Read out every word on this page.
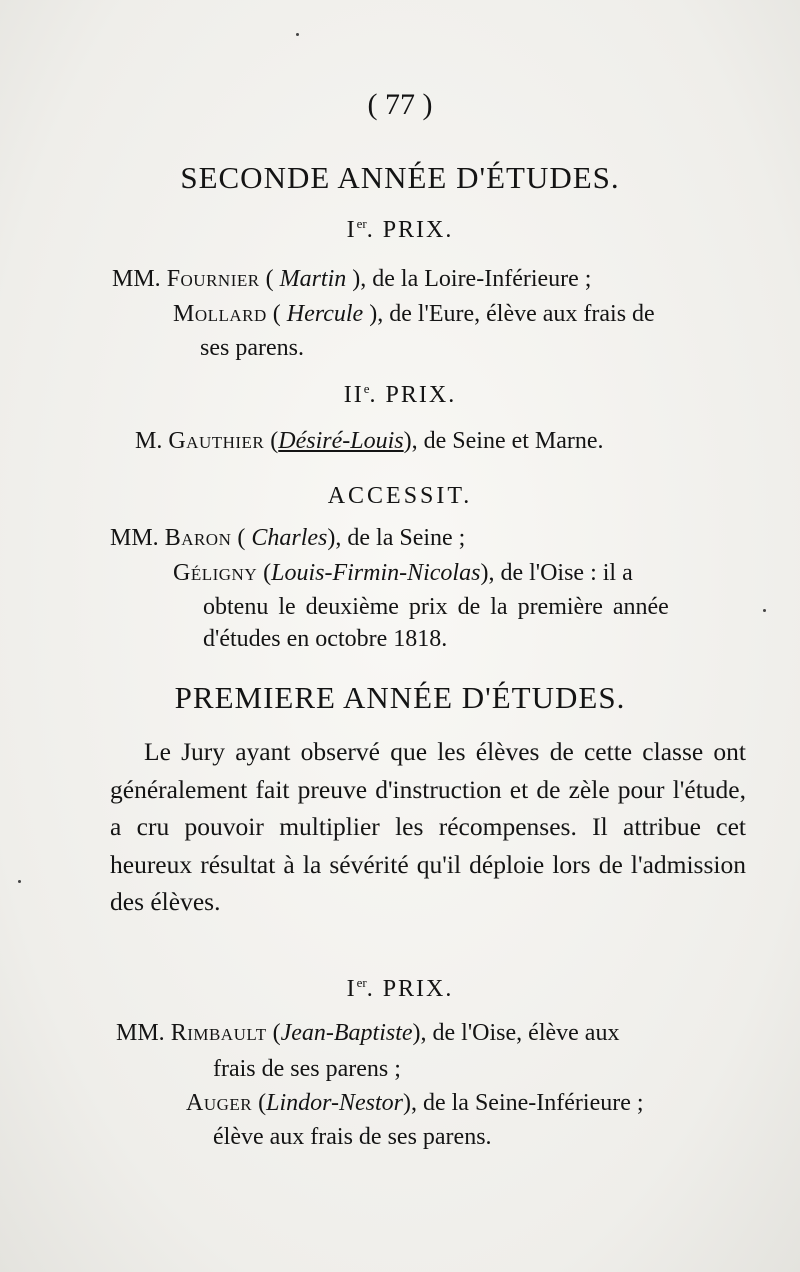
( 77 )
SECONDE ANNÉE D'ÉTUDES.
Ier. PRIX.
MM. Fournier ( Martin ), de la Loire-Inférieure ;
Mollard ( Hercule ), de l'Eure, élève aux frais de
ses parens.
IIe. PRIX.
M. Gauthier (Désiré-Louis), de Seine et Marne.
ACCESSIT.
MM. Baron ( Charles), de la Seine ;
Géligny (Louis-Firmin-Nicolas), de l'Oise : il a
obtenu le deuxième prix de la première année
d'études en octobre 1818.
PREMIERE ANNÉE D'ÉTUDES.

Le Jury ayant observé que les élèves de cette classe ont généralement fait preuve d'instruction et de zèle pour l'étude, a cru pouvoir multiplier les récompenses. Il attribue cet heureux résultat à la sévérité qu'il déploie lors de l'admission des élèves.

Ier. PRIX.
MM. Rimbault (Jean-Baptiste), de l'Oise, élève aux
frais de ses parens ;
Auger (Lindor-Nestor), de la Seine-Inférieure ;
élève aux frais de ses parens.
